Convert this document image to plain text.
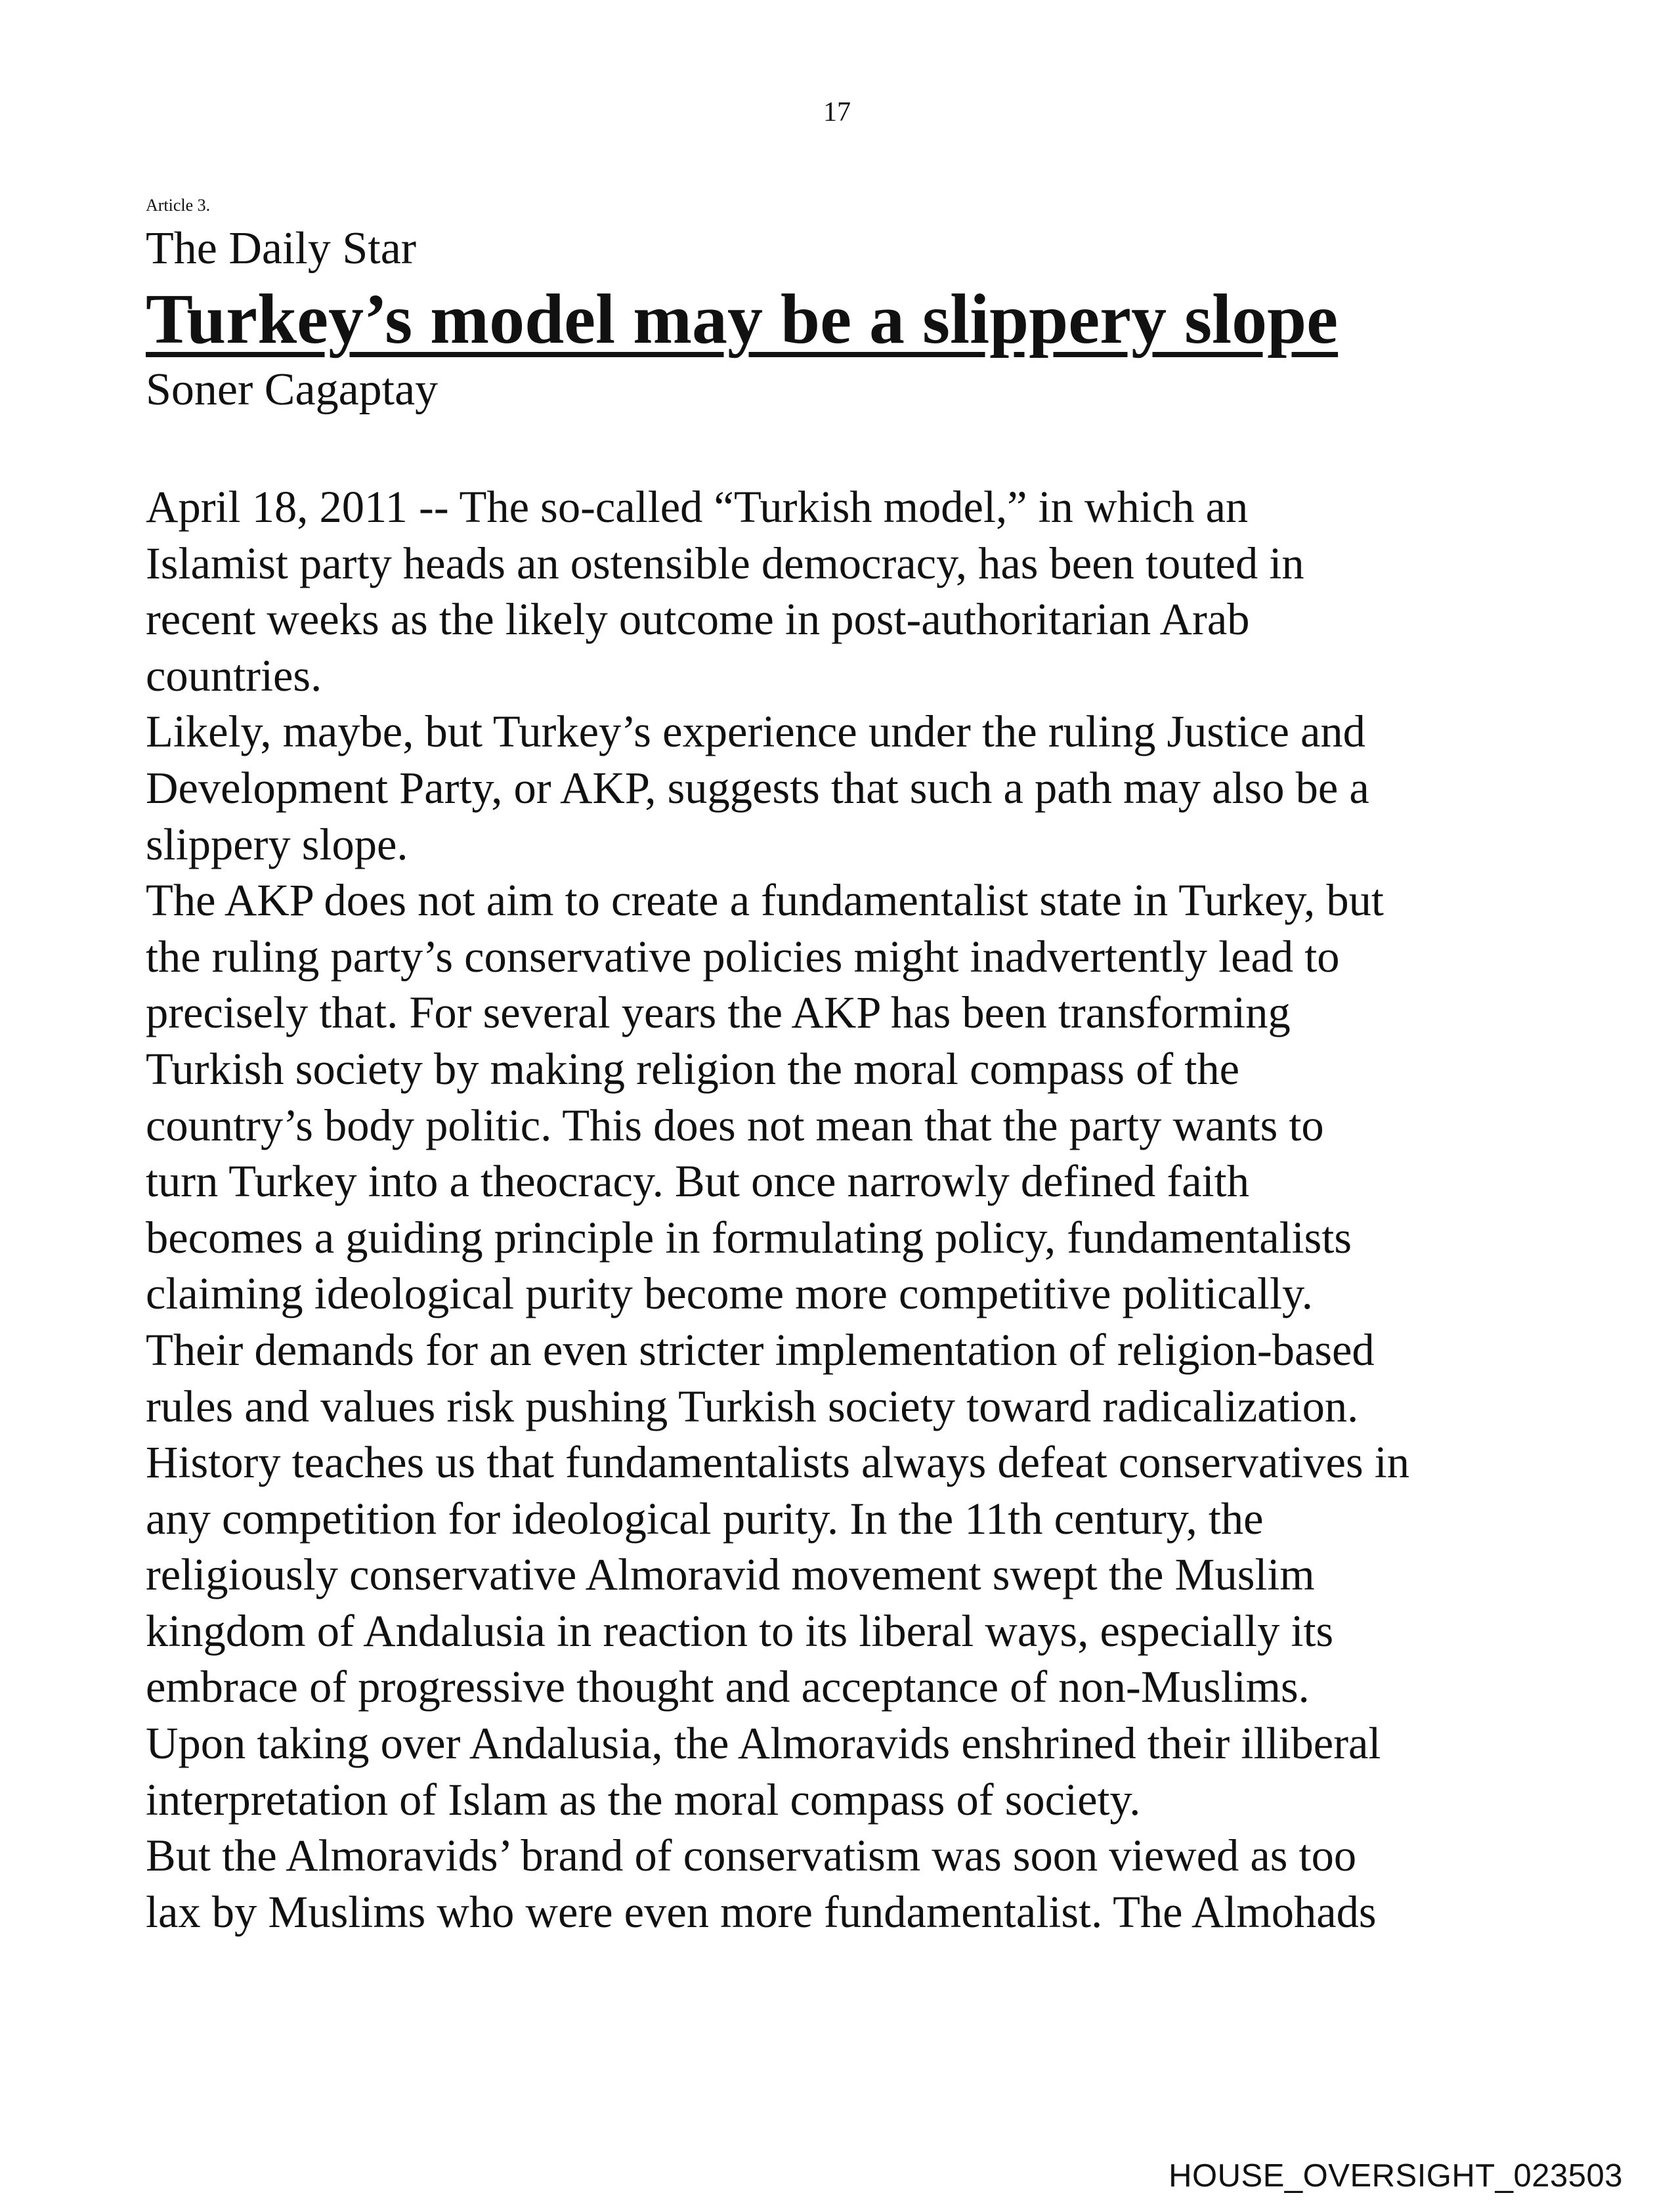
17
Article 3.
The Daily Star
Turkey’s model may be a slippery slope
Soner Cagaptay

April 18, 2011 -- The so-called “Turkish model,” in which an
Islamist party heads an ostensible democracy, has been touted in
recent weeks as the likely outcome in post-authoritarian Arab
countries.

Likely, maybe, but Turkey’s experience under the ruling Justice and
Development Party, or AKP, suggests that such a path may also be a
slippery slope.

The AKP does not aim to create a fundamentalist state in Turkey, but
the ruling party’s conservative policies might inadvertently lead to
precisely that. For several years the AKP has been transforming
Turkish society by making religion the moral compass of the
country’s body politic. This does not mean that the party wants to
turn Turkey into a theocracy. But once narrowly defined faith
becomes a guiding principle in formulating policy, fundamentalists
claiming ideological purity become more competitive politically.
Their demands for an even stricter implementation of religion-based
rules and values risk pushing Turkish society toward radicalization.

History teaches us that fundamentalists always defeat conservatives in
any competition for ideological purity. In the 11th century, the
religiously conservative Almoravid movement swept the Muslim
kingdom of Andalusia in reaction to its liberal ways, especially its
embrace of progressive thought and acceptance of non-Muslims.
Upon taking over Andalusia, the Almoravids enshrined their illiberal
interpretation of Islam as the moral compass of society.

But the Almoravids’ brand of conservatism was soon viewed as too
lax by Muslims who were even more fundamentalist. The Almohads

HOUSE_OVERSIGHT_023503
